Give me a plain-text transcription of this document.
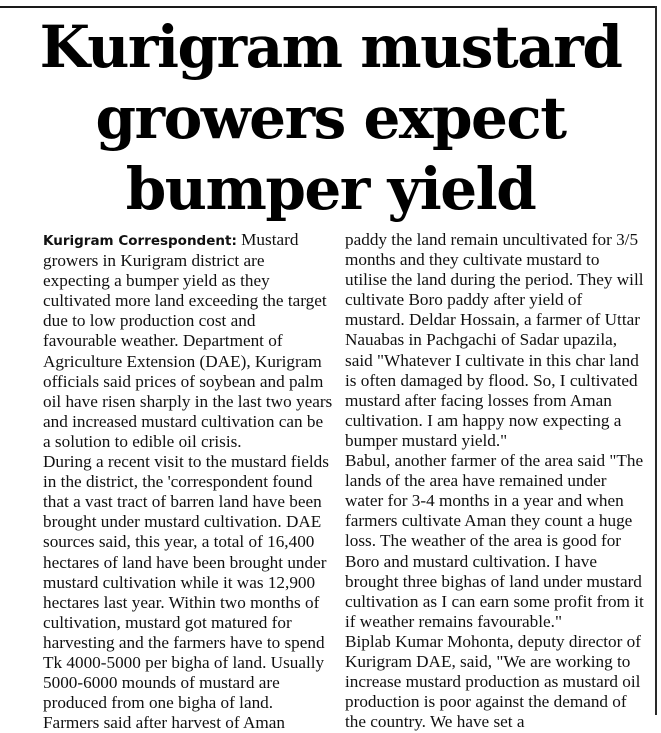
Kurigram mustard
growers expect
bumper yield

Kurigram Correspondent: Mustard growers in Kurigram district are expecting a bumper yield as they cultivated more land exceeding the target due to low production cost and favourable weather. Department of Agriculture Extension (DAE), Kurigram officials said prices of soybean and palm oil have risen sharply in the last two years and increased mustard cultivation can be a solution to edible oil crisis.

During a recent visit to the mustard fields in the district, the 'correspondent found that a vast tract of barren land have been brought under mustard cultivation. DAE sources said, this year, a total of 16,400 hectares of land have been brought under mustard cultivation while it was 12,900 hectares last year. Within two months of cultivation, mustard got matured for harvesting and the farmers have to spend Tk 4000-5000 per bigha of land. Usually 5000-6000 mounds of mustard are produced from one bigha of land.

Farmers said after harvest of Aman

paddy the land remain uncultivated for 3/5 months and they cultivate mustard to utilise the land during the period. They will cultivate Boro paddy after yield of mustard. Deldar Hossain, a farmer of Uttar Nauabas in Pachgachi of Sadar upazila, said "Whatever I cultivate in this char land is often damaged by flood. So, I cultivated mustard after facing losses from Aman cultivation. I am happy now expecting a bumper mustard yield."

Babul, another farmer of the area said "The lands of the area have remained under water for 3-4 months in a year and when farmers cultivate Aman they count a huge loss. The weather of the area is good for Boro and mustard cultivation. I have brought three bighas of land under mustard cultivation as I can earn some profit from it if weather remains favourable."

Biplab Kumar Mohonta, deputy director of Kurigram DAE, said, "We are working to increase mustard production as mustard oil production is poor against the demand of the country. We have set a
